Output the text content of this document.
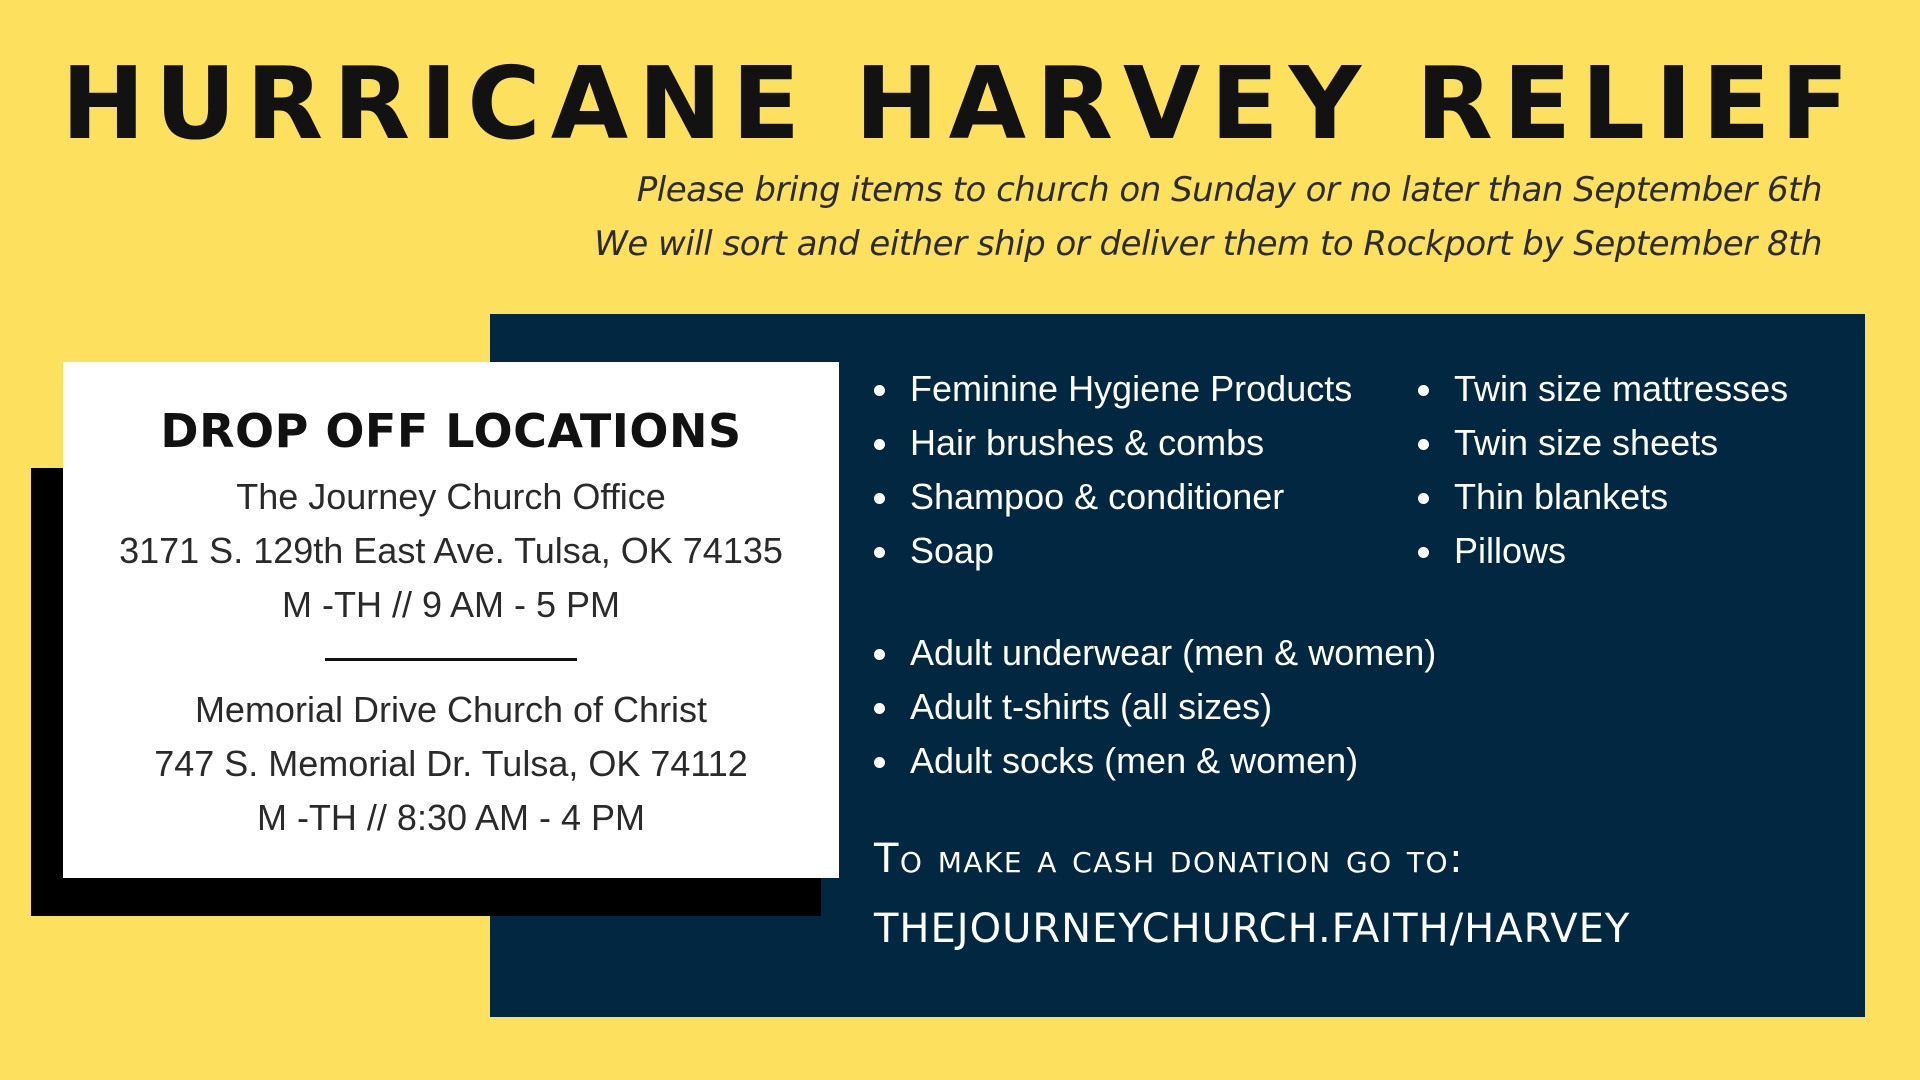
HURRICANE HARVEY RELIEF
Please bring items to church on Sunday or no later than September 6th
We will sort and either ship or deliver them to Rockport by September 8th
DROP OFF LOCATIONS
The Journey Church Office
3171 S. 129th East Ave. Tulsa, OK 74135
M -TH // 9 AM - 5 PM
Memorial Drive Church of Christ
747 S. Memorial Dr. Tulsa, OK 74112
M -TH // 8:30 AM - 4 PM
Feminine Hygiene Products
Hair brushes & combs
Shampoo & conditioner
Soap
Twin size mattresses
Twin size sheets
Thin blankets
Pillows
Adult underwear (men & women)
Adult t-shirts (all sizes)
Adult socks (men & women)
To make a cash donation go to:
THEJOURNEYCHURCH.FAITH/HARVEY
